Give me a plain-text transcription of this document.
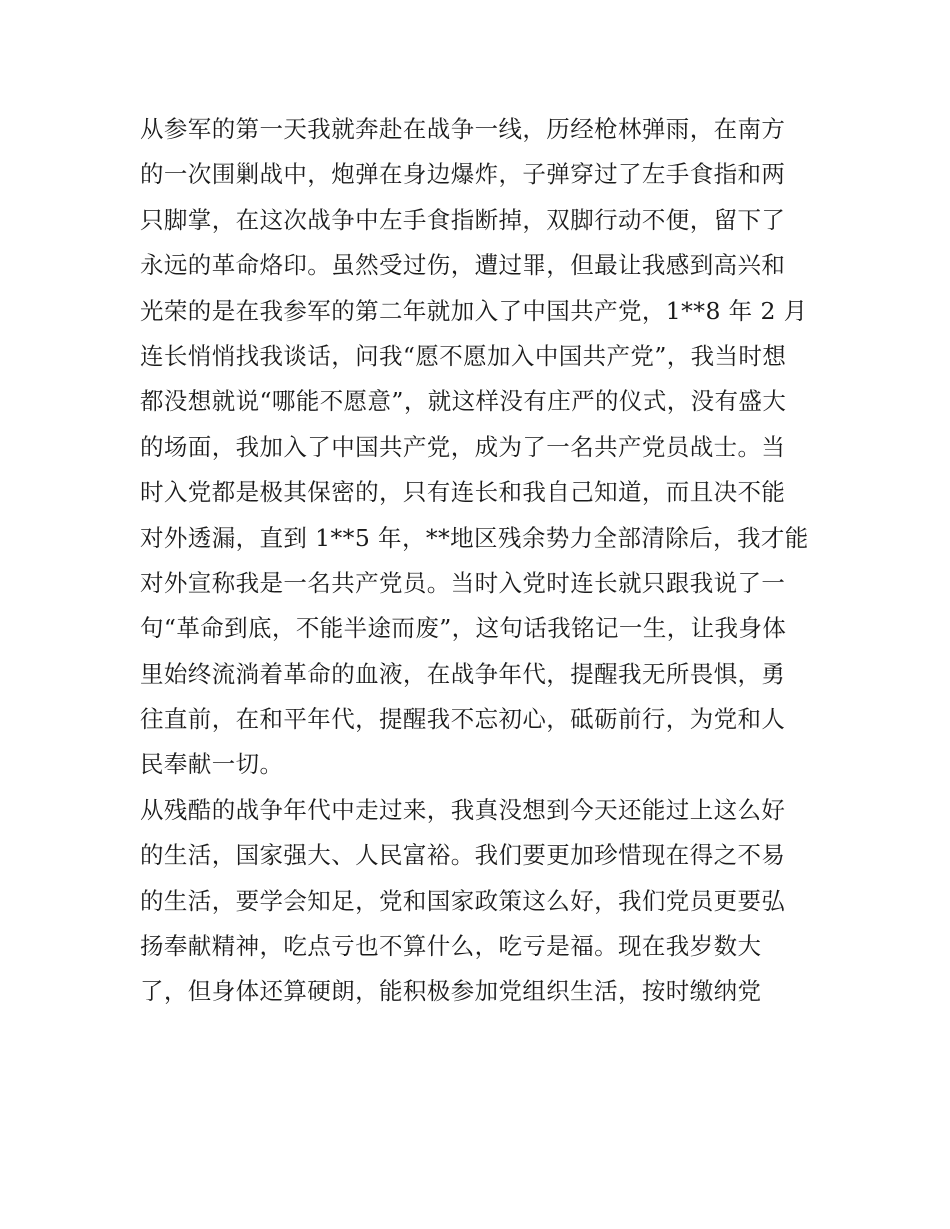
从参军的第一天我就奔赴在战争一线，历经枪林弹雨，在南方
的一次围剿战中，炮弹在身边爆炸，子弹穿过了左手食指和两
只脚掌，在这次战争中左手食指断掉，双脚行动不便，留下了
永远的革命烙印。虽然受过伤，遭过罪，但最让我感到高兴和
光荣的是在我参军的第二年就加入了中国共产党，1**8 年 2 月
连长悄悄找我谈话，问我“愿不愿加入中国共产党”，我当时想
都没想就说“哪能不愿意”，就这样没有庄严的仪式，没有盛大
的场面，我加入了中国共产党，成为了一名共产党员战士。当
时入党都是极其保密的，只有连长和我自己知道，而且决不能
对外透漏，直到 1**5 年，**地区残余势力全部清除后，我才能
对外宣称我是一名共产党员。当时入党时连长就只跟我说了一
句“革命到底，不能半途而废”，这句话我铭记一生，让我身体
里始终流淌着革命的血液，在战争年代，提醒我无所畏惧，勇
往直前，在和平年代，提醒我不忘初心，砥砺前行，为党和人
民奉献一切。
从残酷的战争年代中走过来，我真没想到今天还能过上这么好
的生活，国家强大、人民富裕。我们要更加珍惜现在得之不易
的生活，要学会知足，党和国家政策这么好，我们党员更要弘
扬奉献精神，吃点亏也不算什么，吃亏是福。现在我岁数大
了，但身体还算硬朗，能积极参加党组织生活，按时缴纳党
